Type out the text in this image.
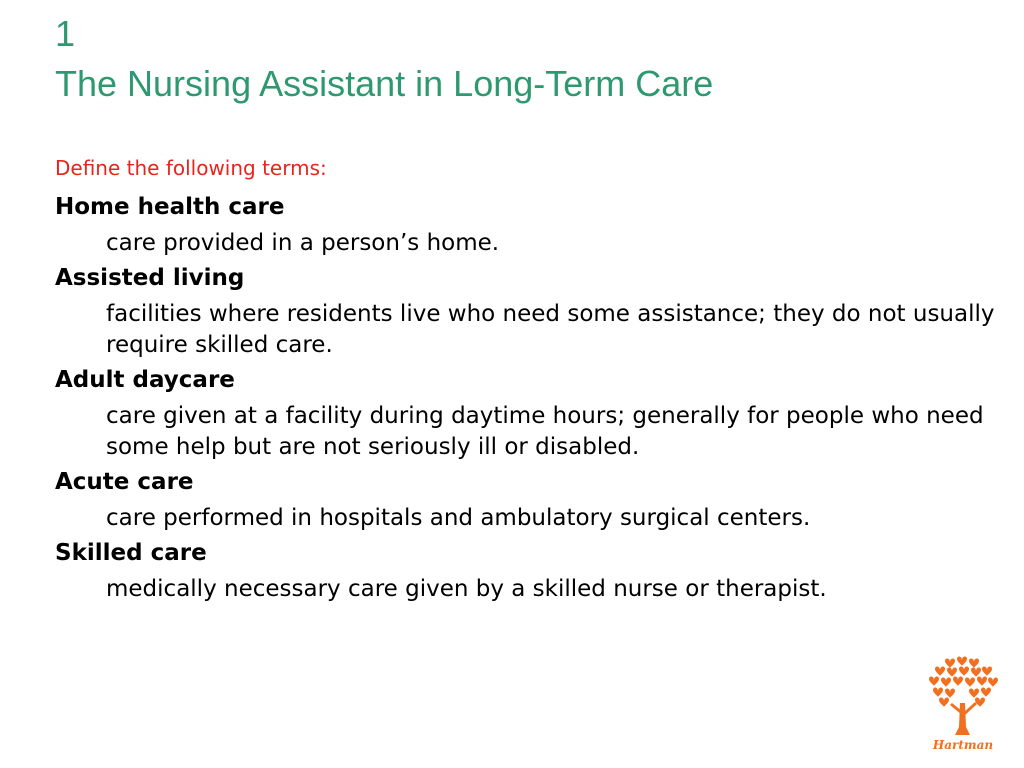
1
The Nursing Assistant in Long-Term Care
Define the following terms:

Home health care

care provided in a person’s home.

Assisted living

facilities where residents live who need some assistance; they do not usually require skilled care.

Adult daycare

care given at a facility during daytime hours; generally for people who need some help but are not seriously ill or disabled.

Acute care

care performed in hospitals and ambulatory surgical centers.

Skilled care

medically necessary care given by a skilled nurse or therapist.

Hartman
